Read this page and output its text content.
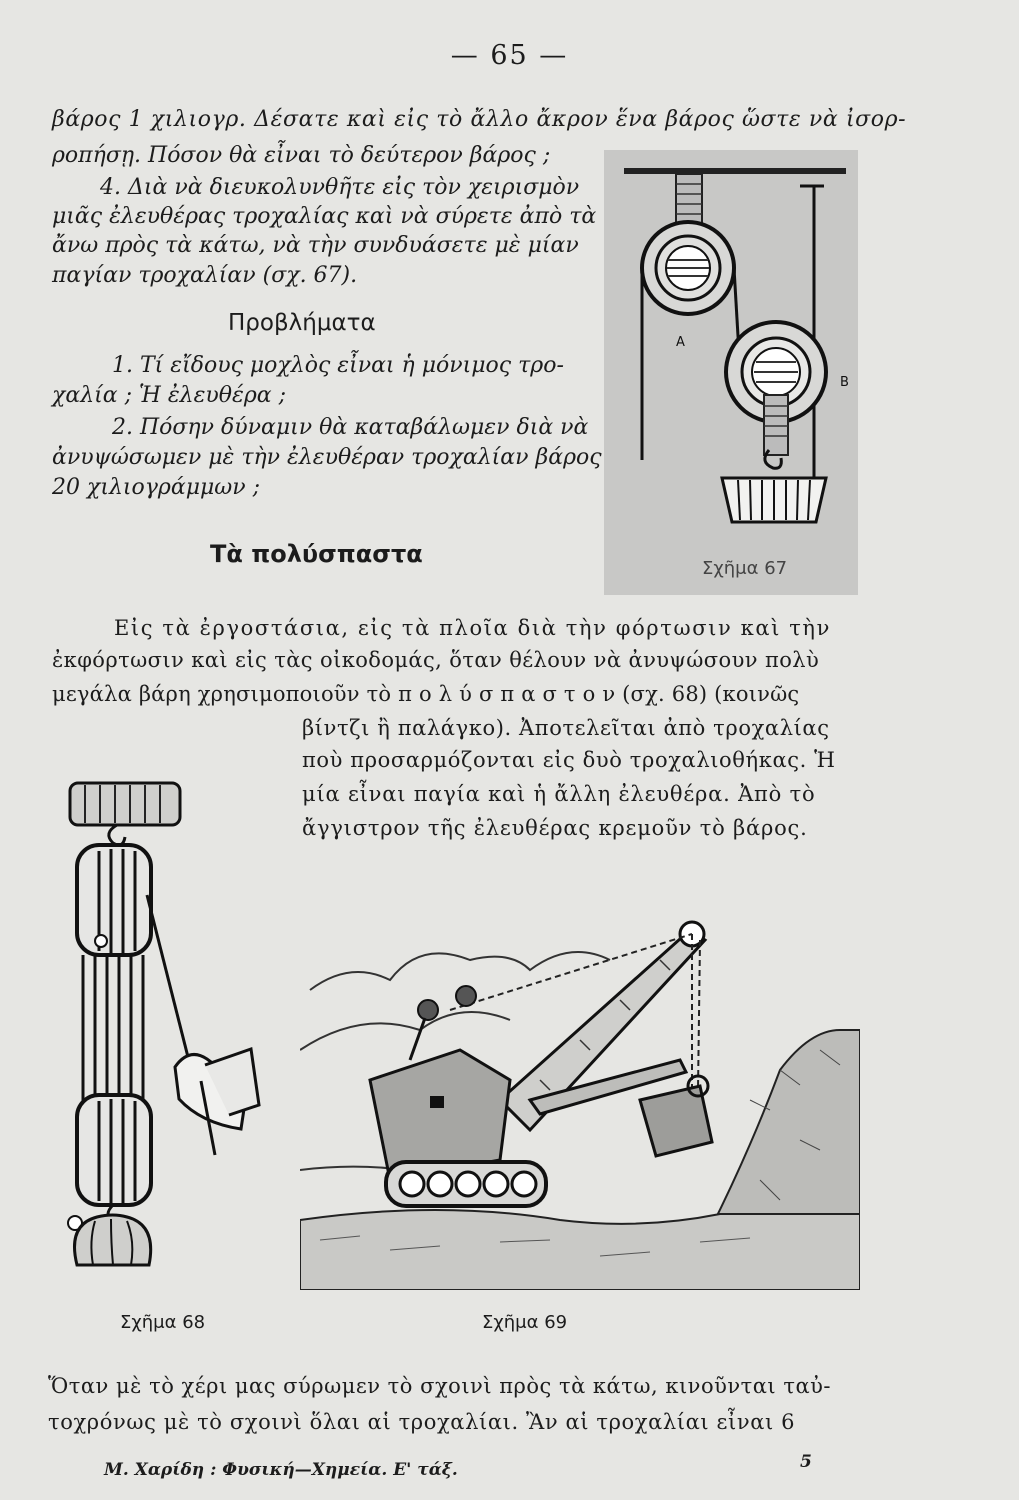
— 65 —
βάρος 1 χιλιογρ. Δέσατε καὶ εἰς τὸ ἄλλο ἄκρον ἕνα βάρος ὥστε νὰ ἰσορ-
ροπήσῃ. Πόσον θὰ εἶναι τὸ δεύτερον βάρος ;
4. Διὰ νὰ διευκολυνθῆτε εἰς τὸν χειρισμὸν
μιᾶς ἐλευθέρας τροχαλίας καὶ νὰ σύρετε ἀπὸ τὰ
ἄνω πρὸς τὰ κάτω, νὰ τὴν συνδυάσετε μὲ μίαν
παγίαν τροχαλίαν (σχ. 67).
Προβλήματα
1. Τί εἴδους μοχλὸς εἶναι ἡ μόνιμος τρο-
χαλία ; Ἡ ἐλευθέρα ;
2. Πόσην δύναμιν θὰ καταβάλωμεν διὰ νὰ
ἀνυψώσωμεν μὲ τὴν ἐλευθέραν τροχαλίαν βάρος
20 χιλιογράμμων ;
Τὰ πολύσπαστα
A
B
Σχῆμα 67
Εἰς τὰ ἐργοστάσια, εἰς τὰ πλοῖα διὰ τὴν φόρτωσιν καὶ τὴν
ἐκφόρτωσιν καὶ εἰς τὰς οἰκοδομάς, ὅταν θέλουν νὰ ἀνυψώσουν πολὺ
μεγάλα βάρη χρησιμοποιοῦν τὸ π ο λ ύ σ π α σ τ ο ν (σχ. 68) (κοινῶς
βίντζι ἢ παλάγκο). Ἀποτελεῖται ἀπὸ τροχαλίας
ποὺ προσαρμόζονται εἰς δυὸ τροχαλιοθήκας. Ἡ
μία εἶναι παγία καὶ ἡ ἄλλη ἐλευθέρα. Ἀπὸ τὸ
ἄγγιστρον τῆς ἐλευθέρας κρεμοῦν τὸ βάρος.
Σχῆμα 68	Σχῆμα 69
Ὅταν μὲ τὸ χέρι μας σύρωμεν τὸ σχοινὶ πρὸς τὰ κάτω, κινοῦνται ταὐ-
τοχρόνως μὲ τὸ σχοινὶ ὅλαι αἱ τροχαλίαι. Ἂν αἱ τροχαλίαι εἶναι 6
Μ. Χαρίδη : Φυσική—Χημεία. Ε' τάξ.	5
